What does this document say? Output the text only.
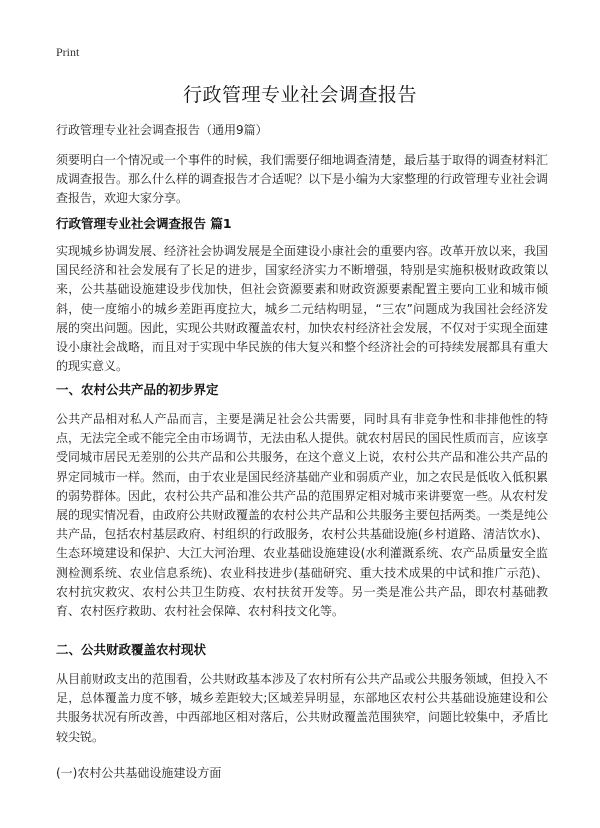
Print
行政管理专业社会调查报告

行政管理专业社会调查报告（通用9篇）

须要明白一个情况或一个事件的时候，我们需要仔细地调查清楚，最后基于取得的调查材料汇成调查报告。那么什么样的调查报告才合适呢？以下是小编为大家整理的行政管理专业社会调查报告，欢迎大家分享。

行政管理专业社会调查报告 篇1

实现城乡协调发展、经济社会协调发展是全面建设小康社会的重要内容。改革开放以来，我国国民经济和社会发展有了长足的进步，国家经济实力不断增强，特别是实施积极财政政策以来，公共基础设施建设步伐加快，但社会资源要素和财政资源要素配置主要向工业和城市倾斜，使一度缩小的城乡差距再度拉大，城乡二元结构明显，“三农”问题成为我国社会经济发展的突出问题。因此，实现公共财政覆盖农村，加快农村经济社会发展，不仅对于实现全面建设小康社会战略，而且对于实现中华民族的伟大复兴和整个经济社会的可持续发展都具有重大的现实意义。

一、农村公共产品的初步界定

公共产品相对私人产品而言，主要是满足社会公共需要，同时具有非竞争性和非排他性的特点，无法完全或不能完全由市场调节，无法由私人提供。就农村居民的国民性质而言，应该享受同城市居民无差别的公共产品和公共服务，在这个意义上说，农村公共产品和准公共产品的界定同城市一样。然而，由于农业是国民经济基础产业和弱质产业，加之农民是低收入低积累的弱势群体。因此，农村公共产品和准公共产品的范围界定相对城市来讲要宽一些。从农村发展的现实情况看，由政府公共财政覆盖的农村公共产品和公共服务主要包括两类。一类是纯公共产品，包括农村基层政府、村组织的行政服务，农村公共基础设施(乡村道路、清洁饮水)、生态环境建设和保护、大江大河治理、农业基础设施建设(水利灌溉系统、农产品质量安全监测检测系统、农业信息系统)、农业科技进步(基础研究、重大技术成果的中试和推广示范)、农村抗灾救灾、农村公共卫生防疫、农村扶贫开发等。另一类是准公共产品，即农村基础教育、农村医疗救助、农村社会保障、农村科技文化等。

二、公共财政覆盖农村现状

从目前财政支出的范围看，公共财政基本涉及了农村所有公共产品或公共服务领域，但投入不足，总体覆盖力度不够，城乡差距较大;区域差异明显，东部地区农村公共基础设施建设和公共服务状况有所改善，中西部地区相对落后，公共财政覆盖范围狭窄，问题比较集中，矛盾比较尖锐。

(一)农村公共基础设施建设方面
